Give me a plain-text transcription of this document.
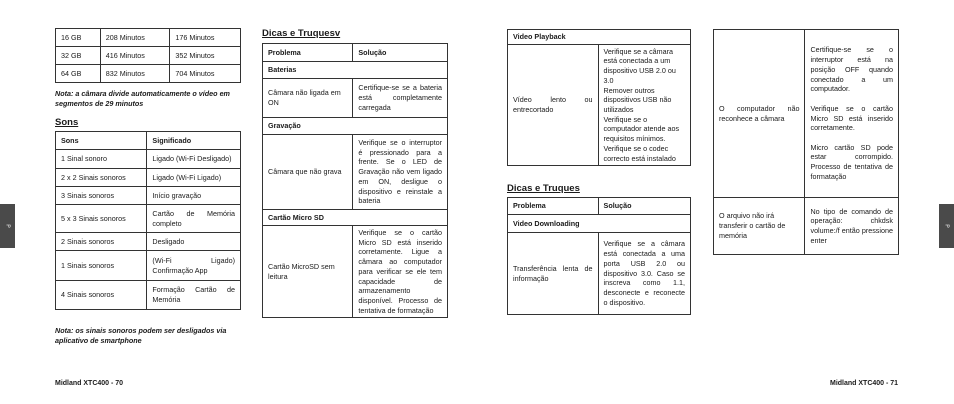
P
16 GB	208 Minutos	176 Minutos
32 GB	416 Minutos	352 Minutos
64 GB	832 Minutos	704 Minutos
Nota: a câmara divide automaticamente o vídeo em segmentos de 29 minutos
Sons
Sons	Significado
1 Sinal sonoro	Ligado (Wi-Fi Desligado)
2 x 2 Sinais sonoros	Ligado (Wi-Fi Ligado)
3 Sinais sonoros	Início gravação
5 x 3 Sinais sonoros	Cartão de Memória completo
2 Sinais sonoros	Desligado
1 Sinais sonoros	(Wi-Fi Ligado) Confirmação App
4 Sinais sonoros	Formação Cartão de Memória
Nota: os sinais sonoros podem ser desligados via aplicativo de smartphone
Dicas e Truquesv
Problema	Solução
Baterias	
Câmara não ligada em ON	Certifique-se se a bateria está completamente carregada
Gravação	
Câmara que não grava	Verifique se o interruptor é pressionado para a frente. Se o LED de Gravação não vem ligado em ON, desligue o dispositivo e reinstale a bateria
Cartão Micro SD	
Cartão MicroSD sem leitura	Verifique se o cartão Micro SD está inserido corretamente. Ligue a câmara ao computador para verificar se ele tem capacidade de armazenamento disponível. Processo de tentativa de formatação
Midland XTC400 - 70
Video Playback
Vídeo lento ou entrecortado	Verifique se a câmara está conectada a um dispositivo USB 2.0 ou 3.0
Remover outros dispositivos USB não utilizados
Verifique se o computador atende aos requisitos mínimos. Verifique se o codec correcto está instalado
Dicas e Truques
Problema	Solução
Video Downloading	
Transferência lenta de informação	Verifique se a câmara está conectada a uma porta USB 2.0 ou dispositivo 3.0. Caso se inscreva como 1.1, desconecte e reconecte o dispositivo.
O computador não reconhece a câmara	Certifique-se se o interruptor está na posição OFF quando conectado a um computador.

Verifique se o cartão Micro SD está inserido corretamente.

Micro cartão SD pode estar corrompido. Processo de tentativa de formatação
O arquivo não irá transferir o cartão de memória	No tipo de comando de operação: chkdsk volume:/f então pressione enter
Midland XTC400 - 71
P
